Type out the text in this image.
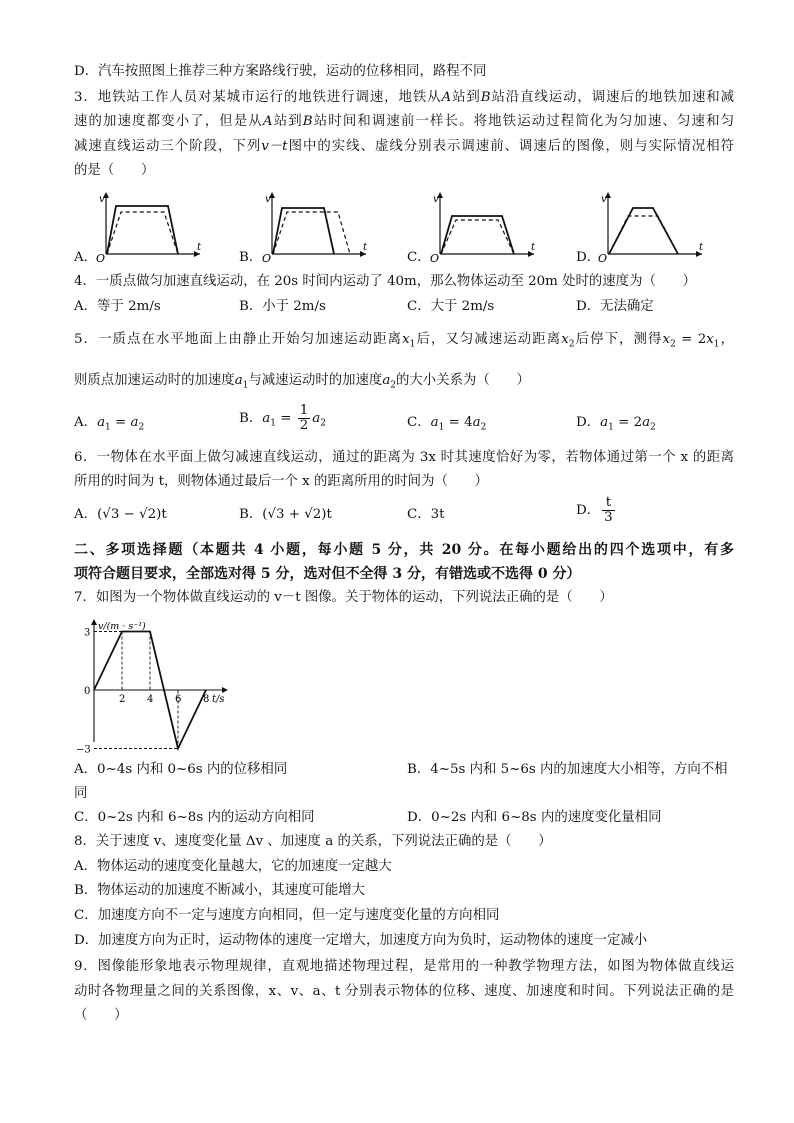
D．汽车按照图上推荐三种方案路线行驶，运动的位移相同，路程不同
3．地铁站工作人员对某城市运行的地铁进行调速，地铁从A站到B站沿直线运动，调速后的地铁加速和减
速的加速度都变小了，但是从A站到B站时间和调速前一样长。将地铁运动过程简化为匀加速、匀速和匀
减速直线运动三个阶段，下列v－t图中的实线、虚线分别表示调速前、调速后的图像，则与实际情况相符
的是（　　）
A．
v
t
O	B．
v
t
O	C．
v
t
O	D．
v
t
O
4．一质点做匀加速直线运动，在 20s 时间内运动了 40m，那么物体运动至 20m 处时的速度为（　　）
A．等于 2m/s	B．小于 2m/s	C．大于 2m/s	D．无法确定
5．一质点在水平地面上由静止开始匀加速运动距离$x_1$后，又匀减速运动距离$x_2$后停下，测得$x_2 = 2x_1$，
则质点加速运动时的加速度$a_1$与减速运动时的加速度$a_2$的大小关系为（　　）
A．$a_1 = a_2$
B．$a_1 = \frac{1}{2} a_2$	C．$a_1 = 4a_2$	D．$a_1 = 2a_2$
6．一物体在水平面上做匀减速直线运动，通过的距离为 3x 时其速度恰好为零，若物体通过第一个 x 的距离
所用的时间为 t，则物体通过最后一个 x 的距离所用的时间为（　　）
A．(√3 − √2)t	B．(√3 + √2)t	C．3t	D． $\frac{t}{3}$
二、多项选择题（本题共 4 小题，每小题 5 分，共 20 分。在每小题给出的四个选项中，有多
项符合题目要求，全部选对得 5 分，选对但不全得 3 分，有错选或不选得 0 分）
7．如图为一个物体做直线运动的 v－t 图像。关于物体的运动，下列说法正确的是（　　）
v/(m · s⁻¹)
t/s
3
0
−3
2 4 6 8
A．0~4s 内和 0~6s 内的位移相同	B．4~5s 内和 5~6s 内的加速度大小相等，方向不相
同
C．0~2s 内和 6~8s 内的运动方向相同	D．0~2s 内和 6~8s 内的速度变化量相同
8．关于速度 v、速度变化量 Δv 、加速度 a 的关系，下列说法正确的是（　　）
A．物体运动的速度变化量越大，它的加速度一定越大
B．物体运动的加速度不断减小，其速度可能增大
C．加速度方向不一定与速度方向相同，但一定与速度变化量的方向相同
D．加速度方向为正时，运动物体的速度一定增大，加速度方向为负时，运动物体的速度一定减小
9．图像能形象地表示物理规律，直观地描述物理过程，是常用的一种教学物理方法，如图为物体做直线运
动时各物理量之间的关系图像，x、v、a、t 分别表示物体的位移、速度、加速度和时间。下列说法正确的是
（　　）
